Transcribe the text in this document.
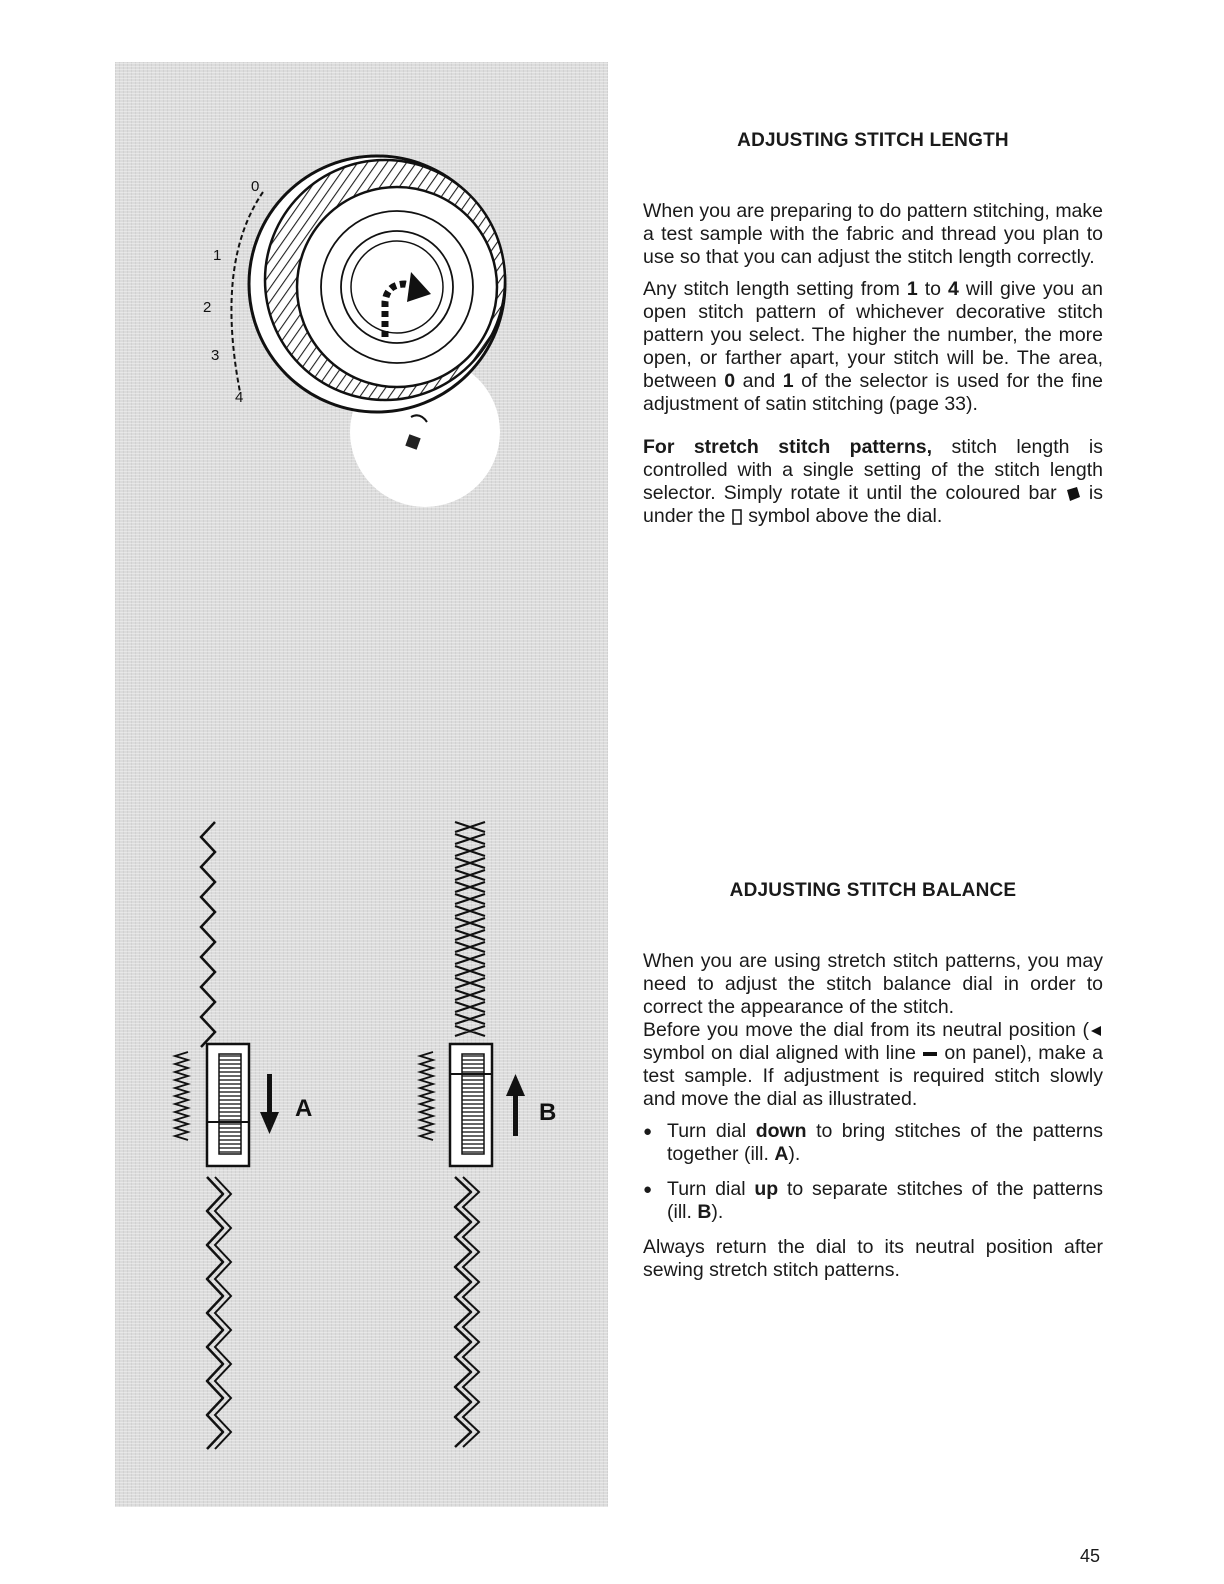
0
1
2
3
4
A	B
ADJUSTING STITCH LENGTH

When you are preparing to do pattern stitching, make a test sample with the fabric and thread you plan to use so that you can adjust the stitch length correctly.

Any stitch length setting from 1 to 4 will give you an open stitch pattern of whichever decorative stitch pattern you select. The higher the number, the more open, or farther apart, your stitch will be. The area, between 0 and 1 of the selector is used for the fine adjustment of satin stitching (page 33).

For stretch stitch patterns, stitch length is controlled with a single setting of the stitch length selector. Simply rotate it until the coloured bar  is under the  symbol above the dial.

ADJUSTING STITCH BALANCE

When you are using stretch stitch patterns, you may need to adjust the stitch balance dial in order to correct the appearance of the stitch.

Before you move the dial from its neutral position ( symbol on dial aligned with line  on panel), make a test sample. If adjustment is required stitch slowly and move the dial as illustrated.

● Turn dial down to bring stitches of the patterns together (ill. A).
● Turn dial up to separate stitches of the patterns (ill. B).

Always return the dial to its neutral position after sewing stretch stitch patterns.

45
